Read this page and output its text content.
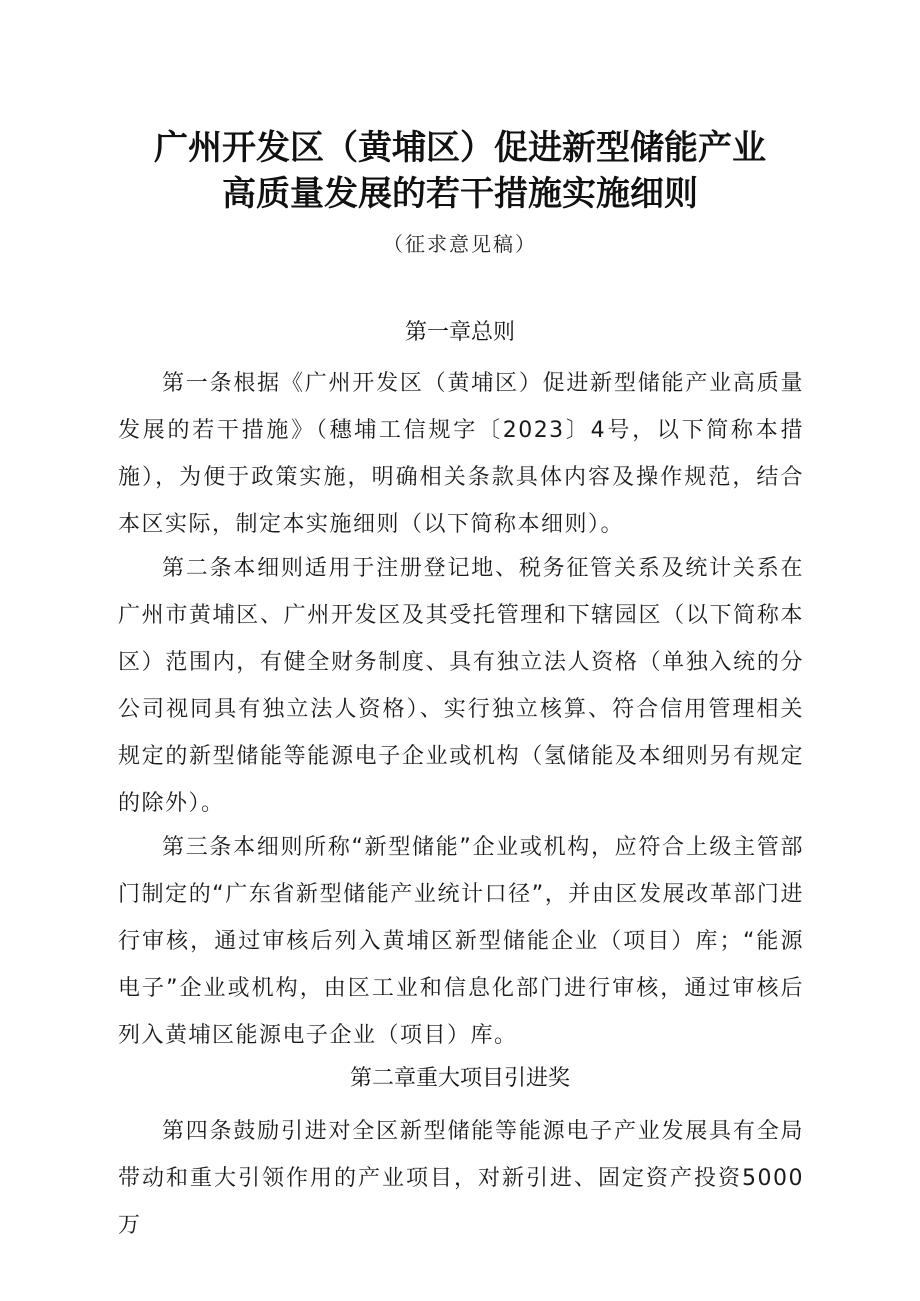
广州开发区（黄埔区）促进新型储能产业
高质量发展的若干措施实施细则
（征求意见稿）
第一章总则
第一条根据《广州开发区（黄埔区）促进新型储能产业高质量发展的若干措施》（穗埔工信规字〔2023〕4号，以下简称本措施），为便于政策实施，明确相关条款具体内容及操作规范，结合本区实际，制定本实施细则（以下简称本细则）。
第二条本细则适用于注册登记地、税务征管关系及统计关系在广州市黄埔区、广州开发区及其受托管理和下辖园区（以下简称本区）范围内，有健全财务制度、具有独立法人资格（单独入统的分公司视同具有独立法人资格）、实行独立核算、符合信用管理相关规定的新型储能等能源电子企业或机构（氢储能及本细则另有规定的除外）。
第三条本细则所称“新型储能”企业或机构，应符合上级主管部门制定的“广东省新型储能产业统计口径”，并由区发展改革部门进行审核，通过审核后列入黄埔区新型储能企业（项目）库；“能源电子”企业或机构，由区工业和信息化部门进行审核，通过审核后列入黄埔区能源电子企业（项目）库。
第二章重大项目引进奖
第四条鼓励引进对全区新型储能等能源电子产业发展具有全局带动和重大引领作用的产业项目，对新引进、固定资产投资5000万
